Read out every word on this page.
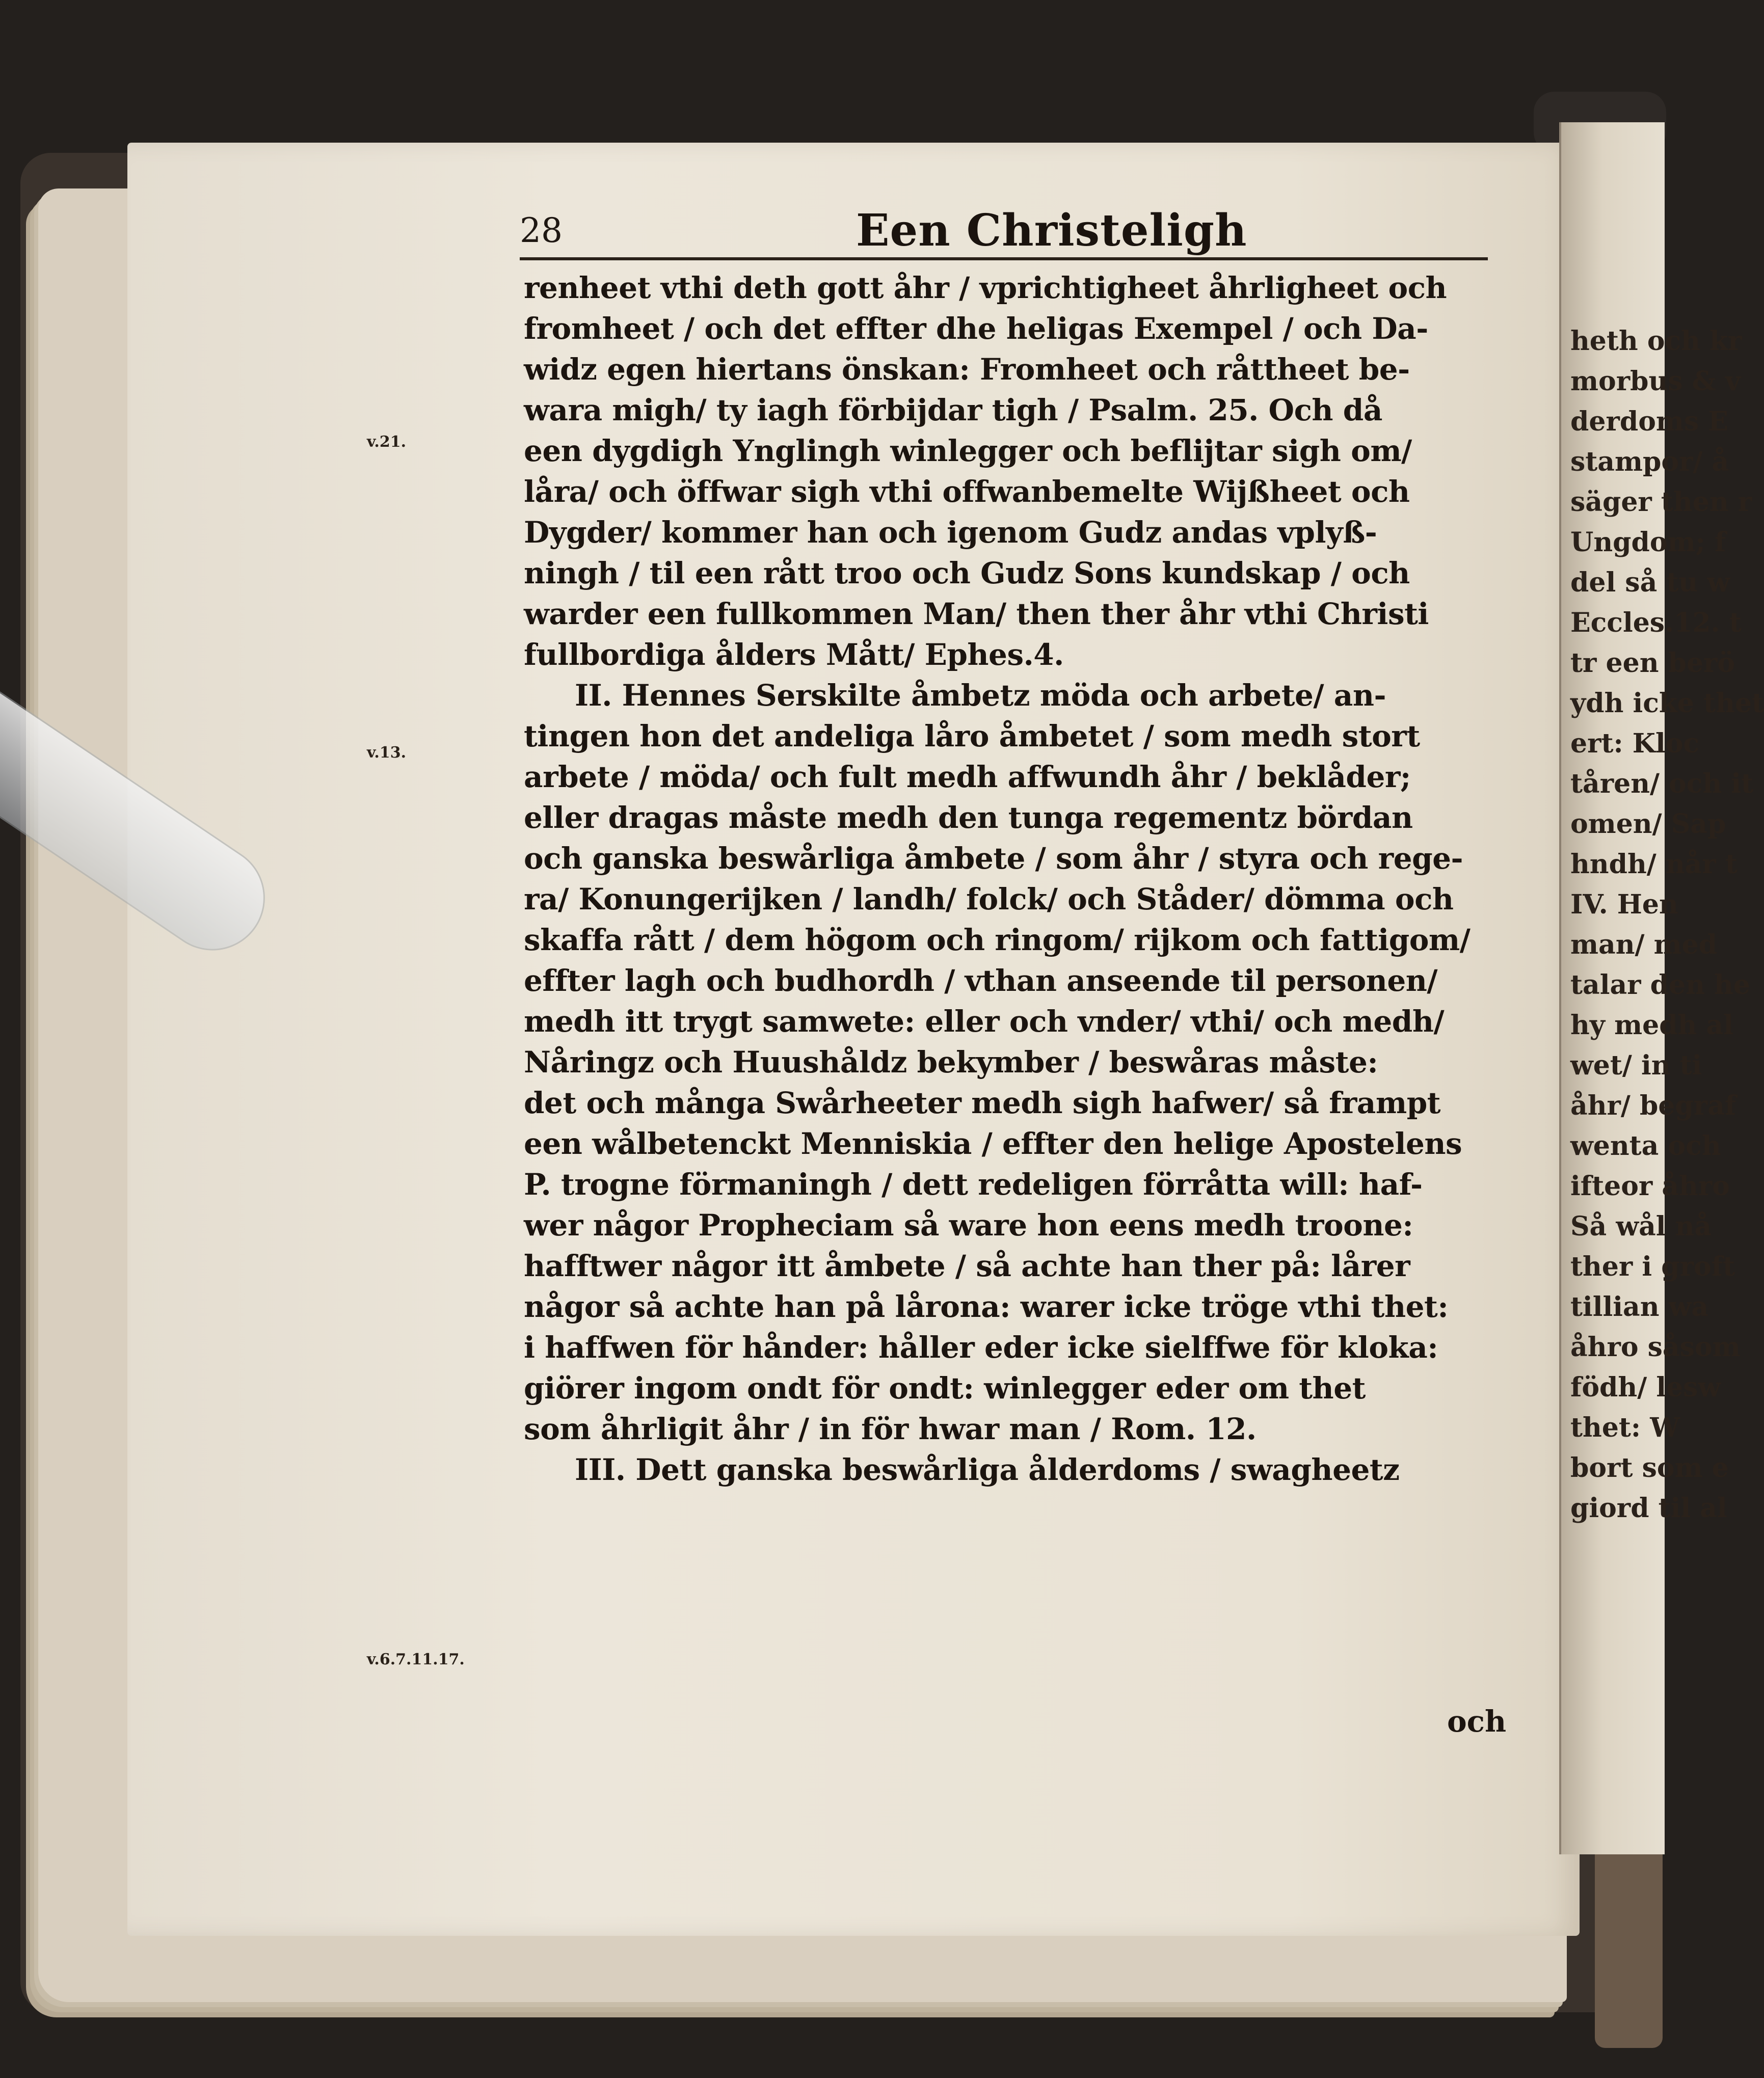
heth och kr
morbus & v
derdoms E
stampor/ å
säger then r
Ungdom; f
del så tu w
Eccles.12. t
tr een berö
ydh icke thet
ert: Kloc
tåren/ och it
omen/ Sap
hndh/ når t
IV. Hen
man/ med
talar den he
hy medh al
wet/ in ti
åhr/ begraf
wenta och
ifteor åhro
Så wål nå
ther i groft
tillian wa
åhro såsom
födh/ lesw
thet: W
bort som e
giord til al
28	Een Christeligh
renheet vthi deth gott åhr / vprichtigheet åhrligheet och
fromheet / och det effter dhe heligas Exempel / och Da-
widz egen hiertans önskan: Fromheet och råttheet be-
wara migh/ ty iagh förbijdar tigh / Psalm. 25. Och då
een dygdigh Ynglingh winlegger och beflijtar sigh om/
låra/ och öffwar sigh vthi offwanbemelte Wijßheet och
Dygder/ kommer han och igenom Gudz andas vplyß-
ningh / til een rått troo och Gudz Sons kundskap / och
warder een fullkommen Man/ then ther åhr vthi Christi
fullbordiga ålders Mått/ Ephes.4.
II. Hennes Serskilte åmbetz möda och arbete/ an-
tingen hon det andeliga låro åmbetet / som medh stort
arbete / möda/ och fult medh affwundh åhr / beklåder;
eller dragas måste medh den tunga regementz bördan
och ganska beswårliga åmbete / som åhr / styra och rege-
ra/ Konungerijken / landh/ folck/ och Ståder/ dömma och
skaffa rått / dem högom och ringom/ rijkom och fattigom/
effter lagh och budhordh / vthan anseende til personen/
medh itt trygt samwete: eller och vnder/ vthi/ och medh/
Nåringz och Huushåldz bekymber / beswåras måste:
det och många Swårheeter medh sigh hafwer/ så frampt
een wålbetenckt Menniskia / effter den helige Apostelens
P. trogne förmaningh / dett redeligen förråtta will: haf-
wer någor Propheciam så ware hon eens medh troone:
hafftwer någor itt åmbete / så achte han ther på: lårer
någor så achte han på lårona: warer icke tröge vthi thet:
i haffwen för hånder: håller eder icke sielffwe för kloka:
giörer ingom ondt för ondt: winlegger eder om thet
som åhrligit åhr / in för hwar man / Rom. 12.
III. Dett ganska beswårliga ålderdoms / swagheetz
v.21.
v.13.
v.6.7.11.17.
och
